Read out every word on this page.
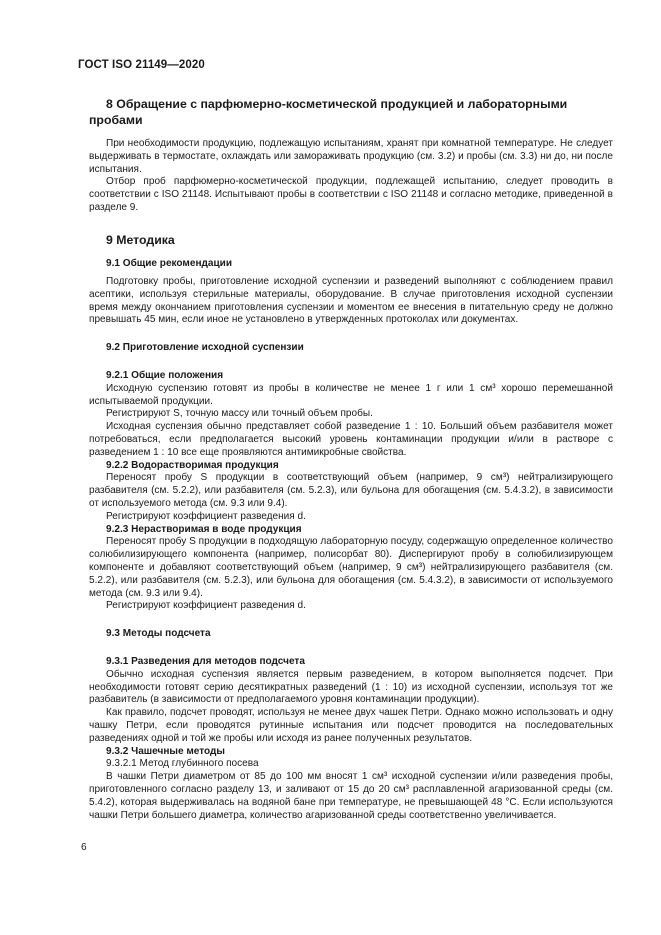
ГОСТ ISO 21149—2020
8 Обращение с парфюмерно-косметической продукцией и лабораторными пробами

При необходимости продукцию, подлежащую испытаниям, хранят при комнатной температуре. Не следует выдерживать в термостате, охлаждать или замораживать продукцию (см. 3.2) и пробы (см. 3.3) ни до, ни после испытания.

Отбор проб парфюмерно-косметической продукции, подлежащей испытанию, следует проводить в соответствии с ISO 21148. Испытывают пробы в соответствии с ISO 21148 и согласно методике, приведенной в разделе 9.

9 Методика
9.1 Общие рекомендации

Подготовку пробы, приготовление исходной суспензии и разведений выполняют с соблюдением правил асептики, используя стерильные материалы, оборудование. В случае приготовления исходной суспензии время между окончанием приготовления суспензии и моментом ее внесения в питательную среду не должно превышать 45 мин, если иное не установлено в утвержденных протоколах или документах.

9.2 Приготовление исходной суспензии
9.2.1 Общие положения

Исходную суспензию готовят из пробы в количестве не менее 1 г или 1 см³ хорошо перемешанной испытываемой продукции.

Регистрируют S, точную массу или точный объем пробы.

Исходная суспензия обычно представляет собой разведение 1 : 10. Больший объем разбавителя может потребоваться, если предполагается высокий уровень контаминации продукции и/или в растворе с разведением 1 : 10 все еще проявляются антимикробные свойства.

9.2.2 Водорастворимая продукция

Переносят пробу S продукции в соответствующий объем (например, 9 см³) нейтрализирующего разбавителя (см. 5.2.2), или разбавителя (см. 5.2.3), или бульона для обогащения (см. 5.4.3.2), в зависимости от используемого метода (см. 9.3 или 9.4).

Регистрируют коэффициент разведения d.

9.2.3 Нерастворимая в воде продукция

Переносят пробу S продукции в подходящую лабораторную посуду, содержащую определенное количество солюбилизирующего компонента (например, полисорбат 80). Диспергируют пробу в солюбилизирующем компоненте и добавляют соответствующий объем (например, 9 см³) нейтрализирующего разбавителя (см. 5.2.2), или разбавителя (см. 5.2.3), или бульона для обогащения (см. 5.4.3.2), в зависимости от используемого метода (см. 9.3 или 9.4).

Регистрируют коэффициент разведения d.

9.3 Методы подсчета
9.3.1 Разведения для методов подсчета

Обычно исходная суспензия является первым разведением, в котором выполняется подсчет. При необходимости готовят серию десятикратных разведений (1 : 10) из исходной суспензии, используя тот же разбавитель (в зависимости от предполагаемого уровня контаминации продукции).

Как правило, подсчет проводят, используя не менее двух чашек Петри. Однако можно использовать и одну чашку Петри, если проводятся рутинные испытания или подсчет проводится на последовательных разведениях одной и той же пробы или исходя из ранее полученных результатов.

9.3.2 Чашечные методы
9.3.2.1 Метод глубинного посева

В чашки Петри диаметром от 85 до 100 мм вносят 1 см³ исходной суспензии и/или разведения пробы, приготовленного согласно разделу 13, и заливают от 15 до 20 см³ расплавленной агаризованной среды (см. 5.4.2), которая выдерживалась на водяной бане при температуре, не превышающей 48 °С. Если используются чашки Петри большего диаметра, количество агаризованной среды соответственно увеличивается.

6
